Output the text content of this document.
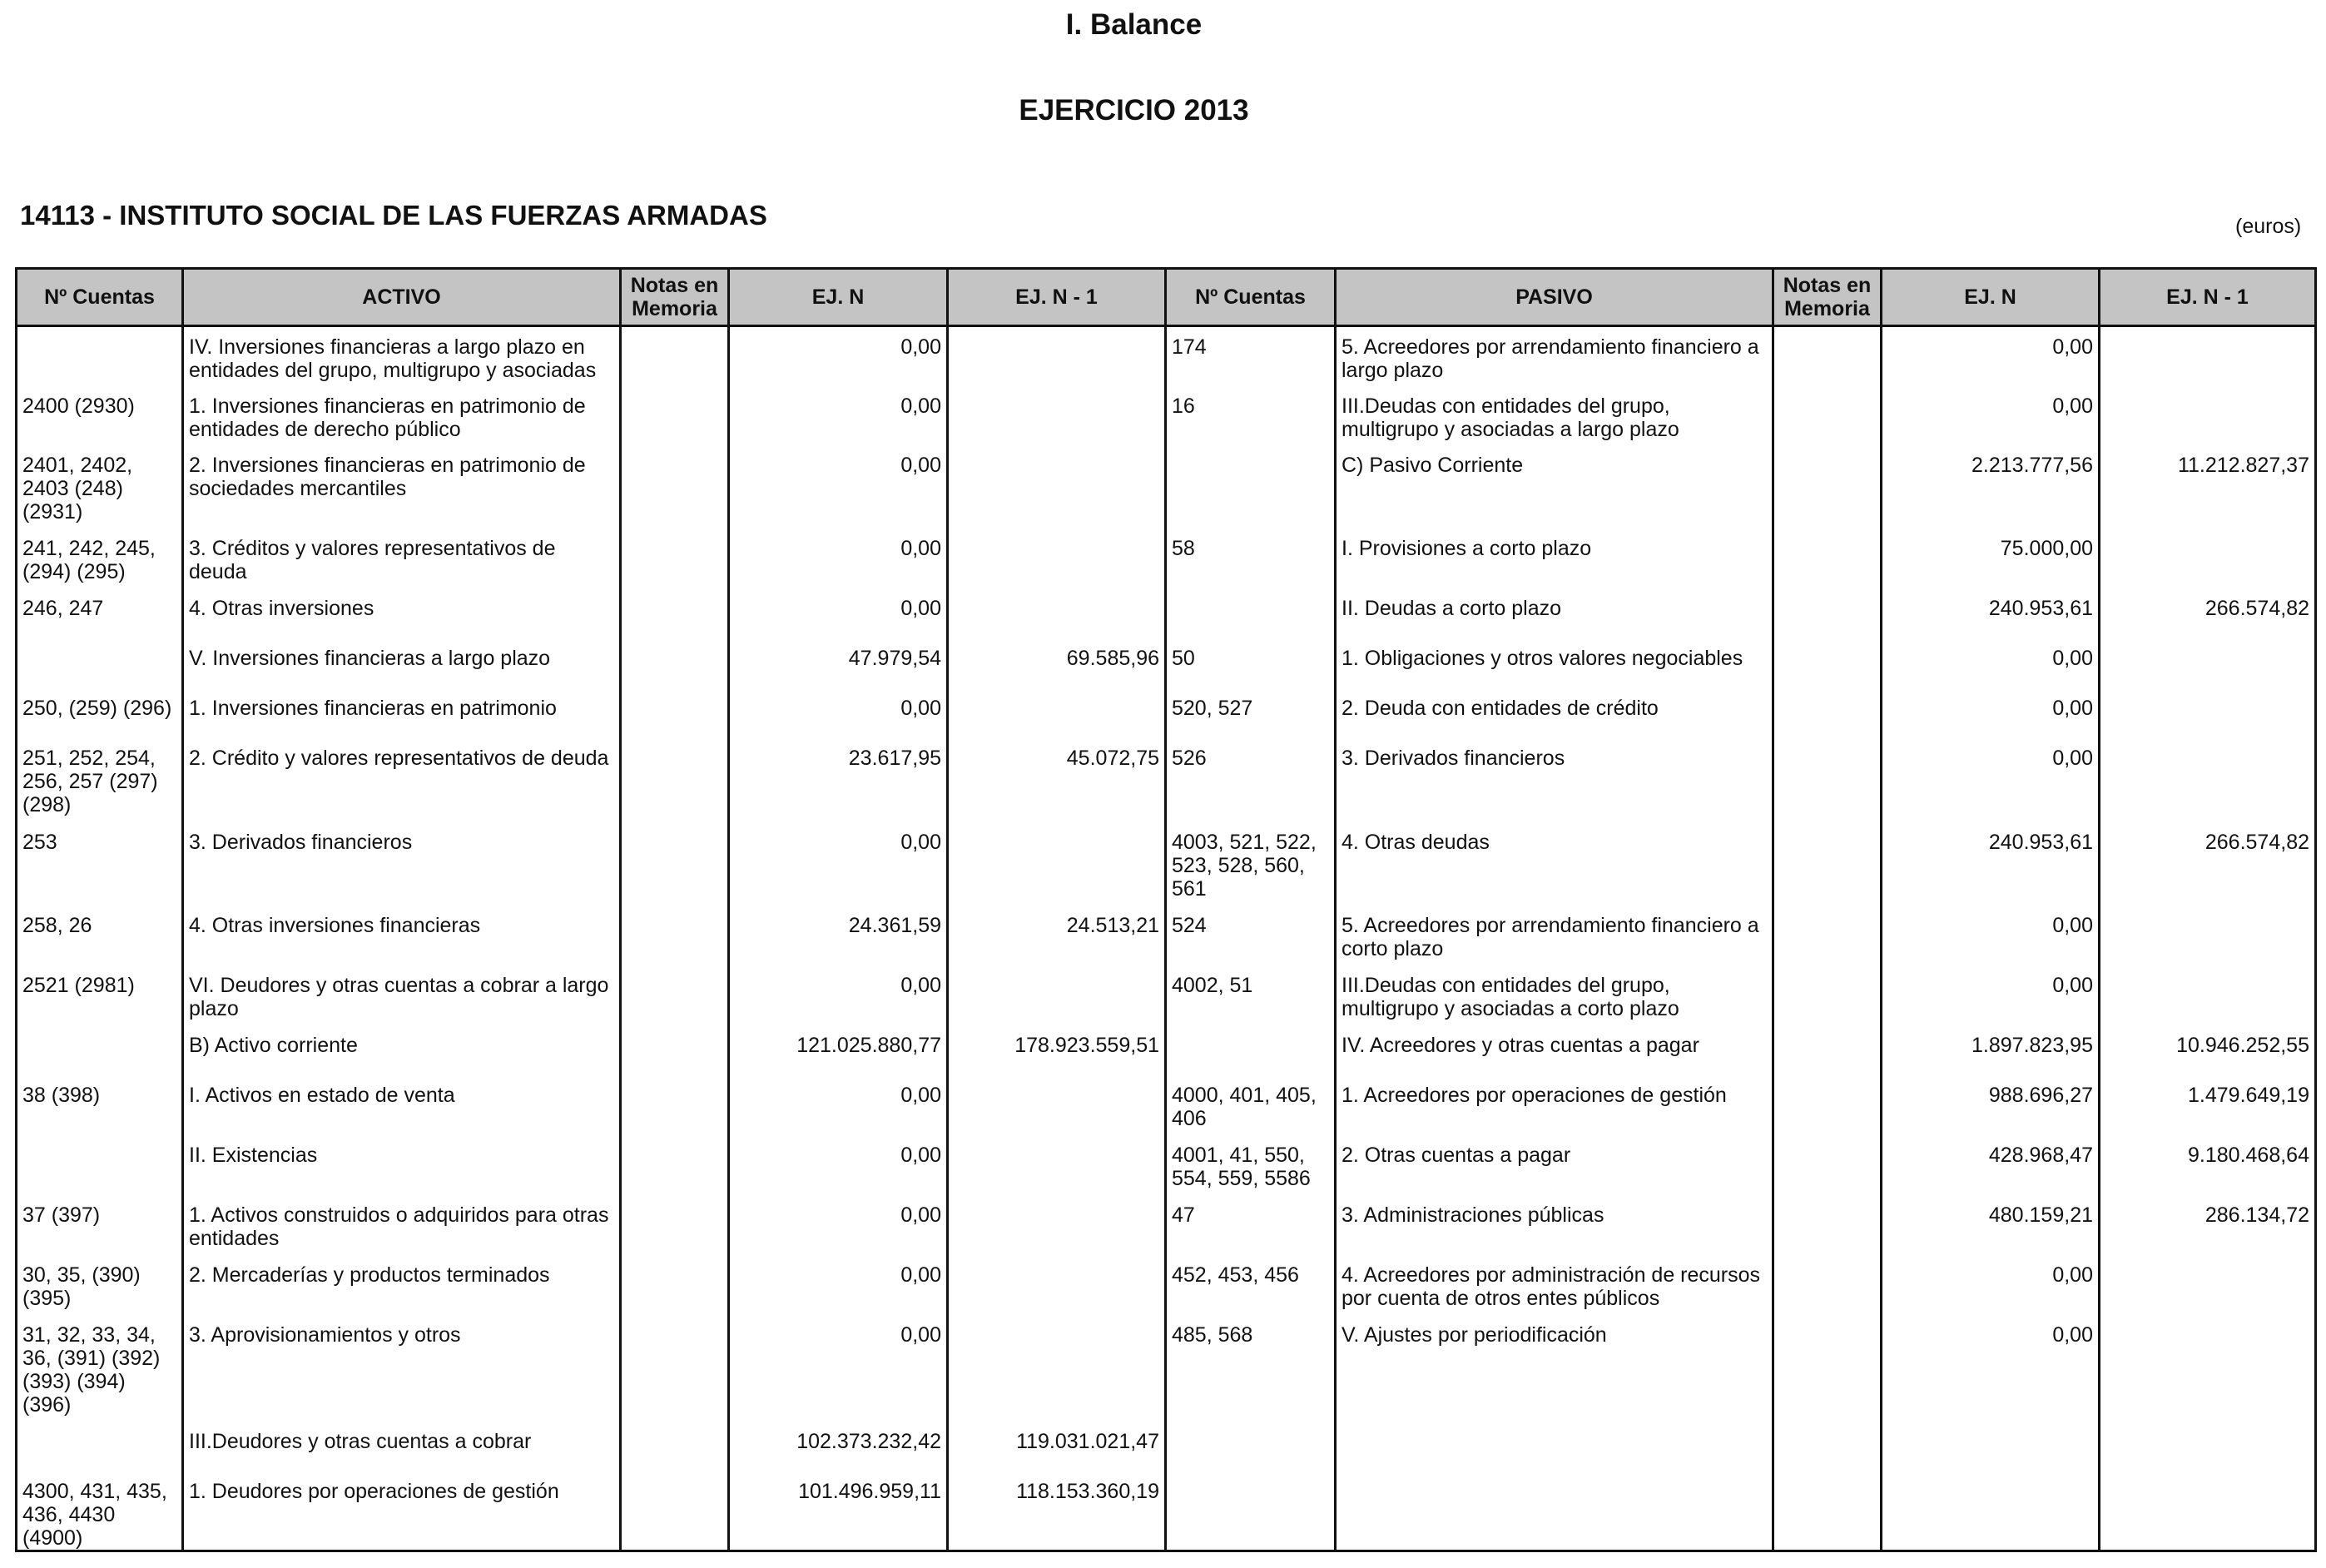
I. Balance
EJERCICIO 2013
14113 - INSTITUTO SOCIAL DE LAS FUERZAS ARMADAS	(euros)
Nº Cuentas	ACTIVO	Notas en Memoria	EJ. N	EJ. N - 1	Nº Cuentas	PASIVO	Notas en Memoria	EJ. N	EJ. N - 1
	IV. Inversiones financieras a largo plazo en entidades del grupo, multigrupo y asociadas		0,00		174	5. Acreedores por arrendamiento financiero a largo plazo		0,00	
2400 (2930)	1. Inversiones financieras en patrimonio de entidades de derecho público		0,00		16	III.Deudas con entidades del grupo, multigrupo y asociadas a largo plazo		0,00	
2401, 2402, 2403 (248) (2931)	2. Inversiones financieras en patrimonio de sociedades mercantiles		0,00			C) Pasivo Corriente		2.213.777,56	11.212.827,37
241, 242, 245, (294) (295)	3. Créditos y valores representativos de deuda		0,00		58	I. Provisiones a corto plazo		75.000,00	
246, 247	4. Otras inversiones		0,00			II. Deudas a corto plazo		240.953,61	266.574,82
	V. Inversiones financieras a largo plazo		47.979,54	69.585,96	50	1. Obligaciones y otros valores negociables		0,00	
250, (259) (296)	1. Inversiones financieras en patrimonio		0,00		520, 527	2. Deuda con entidades de crédito		0,00	
251, 252, 254, 256, 257 (297) (298)	2. Crédito y valores representativos de deuda		23.617,95	45.072,75	526	3. Derivados financieros		0,00	
253	3. Derivados financieros		0,00		4003, 521, 522, 523, 528, 560, 561	4. Otras deudas		240.953,61	266.574,82
258, 26	4. Otras inversiones financieras		24.361,59	24.513,21	524	5. Acreedores por arrendamiento financiero a corto plazo		0,00	
2521 (2981)	VI. Deudores y otras cuentas a cobrar a largo plazo		0,00		4002, 51	III.Deudas con entidades del grupo, multigrupo y asociadas a corto plazo		0,00	
	B) Activo corriente		121.025.880,77	178.923.559,51		IV. Acreedores y otras cuentas a pagar		1.897.823,95	10.946.252,55
38 (398)	I. Activos en estado de venta		0,00		4000, 401, 405, 406	1. Acreedores por operaciones de gestión		988.696,27	1.479.649,19
	II. Existencias		0,00		4001, 41, 550, 554, 559, 5586	2. Otras cuentas a pagar		428.968,47	9.180.468,64
37 (397)	1. Activos construidos o adquiridos para otras entidades		0,00		47	3. Administraciones públicas		480.159,21	286.134,72
30, 35, (390) (395)	2. Mercaderías y productos terminados		0,00		452, 453, 456	4. Acreedores por administración de recursos por cuenta de otros entes públicos		0,00	
31, 32, 33, 34, 36, (391) (392) (393) (394) (396)	3. Aprovisionamientos y otros		0,00		485, 568	V. Ajustes por periodificación		0,00	
	III.Deudores y otras cuentas a cobrar		102.373.232,42	119.031.021,47					
4300, 431, 435, 436, 4430 (4900)	1. Deudores por operaciones de gestión		101.496.959,11	118.153.360,19					
